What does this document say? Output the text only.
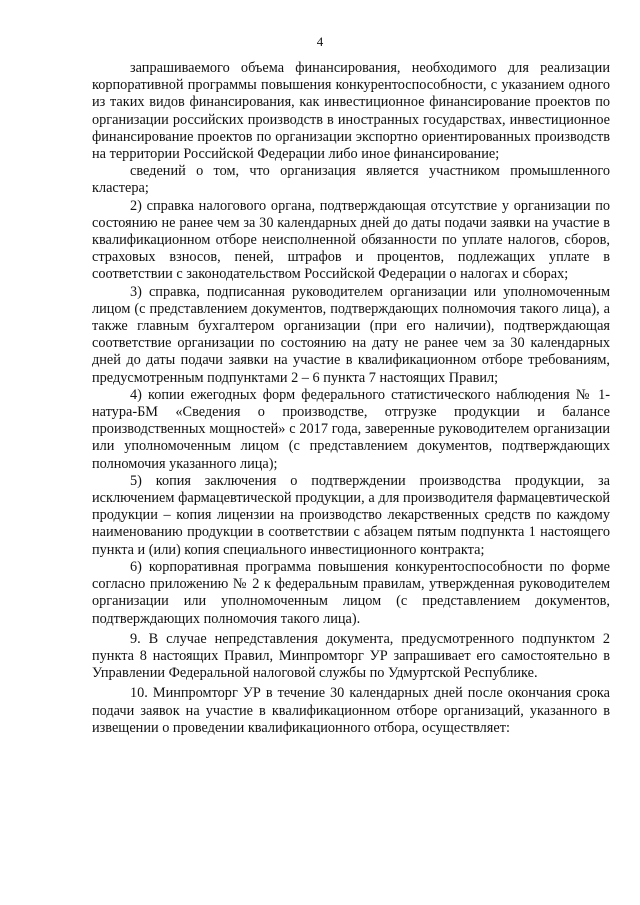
4

запрашиваемого объема финансирования, необходимого для реализации корпоративной программы повышения конкурентоспособности, с указанием одного из таких видов финансирования, как инвестиционное финансирование проектов по организации российских производств в иностранных государствах, инвестиционное финансирование проектов по организации экспортно ориентированных производств на территории Российской Федерации либо иное финансирование;

сведений о том, что организация является участником промышленного кластера;

2) справка налогового органа, подтверждающая отсутствие у организации по состоянию не ранее чем за 30 календарных дней до даты подачи заявки на участие в квалификационном отборе неисполненной обязанности по уплате налогов, сборов, страховых взносов, пеней, штрафов и процентов, подлежащих уплате в соответствии с законодательством Российской Федерации о налогах и сборах;

3) справка, подписанная руководителем организации или уполномоченным лицом (с представлением документов, подтверждающих полномочия такого лица), а также главным бухгалтером организации (при его наличии), подтверждающая соответствие организации по состоянию на дату не ранее чем за 30 календарных дней до даты подачи заявки на участие в квалификационном отборе требованиям, предусмотренным подпунктами 2 – 6 пункта 7 настоящих Правил;

4) копии ежегодных форм федерального статистического наблюдения № 1-натура-БМ «Сведения о производстве, отгрузке продукции и балансе производственных мощностей» с 2017 года, заверенные руководителем организации или уполномоченным лицом (с представлением документов, подтверждающих полномочия указанного лица);

5) копия заключения о подтверждении производства продукции, за исключением фармацевтической продукции, а для производителя фармацевтической продукции – копия лицензии на производство лекарственных средств по каждому наименованию продукции в соответствии с абзацем пятым подпункта 1 настоящего пункта и (или) копия специального инвестиционного контракта;

6) корпоративная программа повышения конкурентоспособности по форме согласно приложению № 2 к федеральным правилам, утвержденная руководителем организации или уполномоченным лицом (с представлением документов, подтверждающих полномочия такого лица).

9. В случае непредставления документа, предусмотренного подпунктом 2 пункта 8 настоящих Правил, Минпромторг УР запрашивает его самостоятельно в Управлении Федеральной налоговой службы по Удмуртской Республике.

10. Минпромторг УР в течение 30 календарных дней после окончания срока подачи заявок на участие в квалификационном отборе организаций, указанного в извещении о проведении квалификационного отбора, осуществляет:
